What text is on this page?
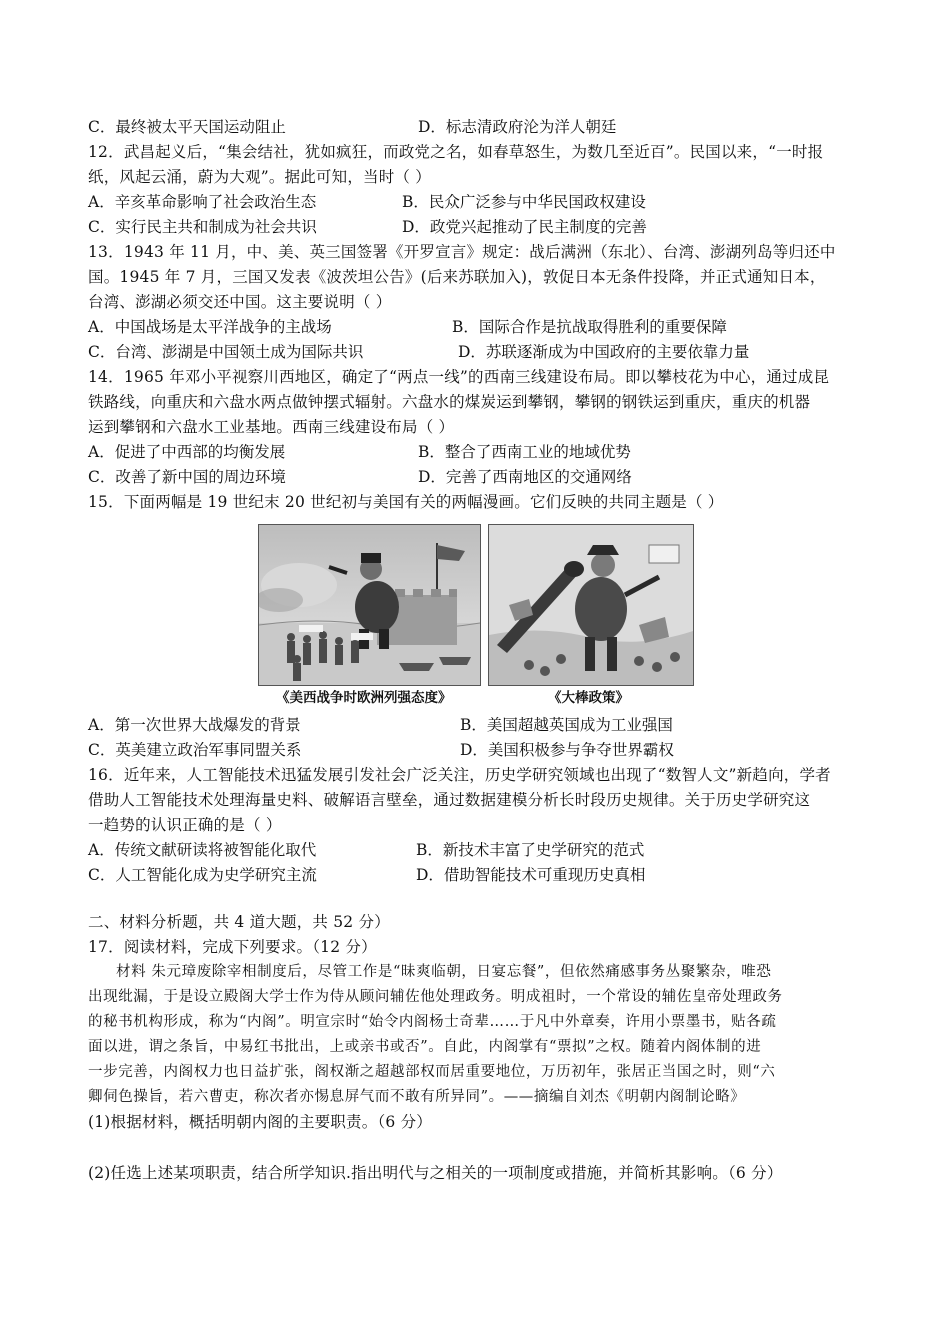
C．最终被太平天国运动阻止	D．标志清政府沦为洋人朝廷
12．武昌起义后，“集会结社，犹如疯狂，而政党之名，如春草怒生，为数几至近百”。民国以来，“一时报
纸，风起云涌，蔚为大观”。据此可知，当时（ ）
A．辛亥革命影响了社会政治生态	B．民众广泛参与中华民国政权建设
C．实行民主共和制成为社会共识	D．政党兴起推动了民主制度的完善
13．1943 年 11 月，中、美、英三国签署《开罗宣言》规定：战后满洲（东北）、台湾、澎湖列岛等归还中
国。1945 年 7 月，三国又发表《波茨坦公告》(后来苏联加入)，敦促日本无条件投降，并正式通知日本，
台湾、澎湖必须交还中国。这主要说明（ ）
A．中国战场是太平洋战争的主战场	B．国际合作是抗战取得胜利的重要保障
C．台湾、澎湖是中国领土成为国际共识	D．苏联逐渐成为中国政府的主要依靠力量
14．1965 年邓小平视察川西地区，确定了“两点一线”的西南三线建设布局。即以攀枝花为中心，通过成昆
铁路线，向重庆和六盘水两点做钟摆式辐射。六盘水的煤炭运到攀钢，攀钢的钢铁运到重庆，重庆的机器
运到攀钢和六盘水工业基地。西南三线建设布局（ ）
A．促进了中西部的均衡发展	B．整合了西南工业的地域优势
C．改善了新中国的周边环境	D．完善了西南地区的交通网络
15．下面两幅是 19 世纪末 20 世纪初与美国有关的两幅漫画。它们反映的共同主题是（ ）
《美西战争时欧洲列强态度》	《大棒政策》
A．第一次世界大战爆发的背景	B．美国超越英国成为工业强国
C．英美建立政治军事同盟关系	D．美国积极参与争夺世界霸权
16．近年来，人工智能技术迅猛发展引发社会广泛关注，历史学研究领域也出现了“数智人文”新趋向，学者
借助人工智能技术处理海量史料、破解语言壁垒，通过数据建模分析长时段历史规律。关于历史学研究这
一趋势的认识正确的是（ ）
A．传统文献研读将被智能化取代	B．新技术丰富了史学研究的范式
C．人工智能化成为史学研究主流	D．借助智能技术可重现历史真相
二、材料分析题，共 4 道大题，共 52 分）
17．阅读材料，完成下列要求。（12 分）
材料 朱元璋废除宰相制度后，尽管工作是“昧爽临朝，日宴忘餐”，但依然痛感事务丛聚繁杂，唯恐
出现纰漏，于是设立殿阁大学士作为侍从顾问辅佐他处理政务。明成祖时，一个常设的辅佐皇帝处理政务
的秘书机构形成，称为“内阁”。明宣宗时“始令内阁杨士奇辈……于凡中外章奏，许用小票墨书，贴各疏
面以进，谓之条旨，中易红书批出，上或亲书或否”。自此，内阁掌有“票拟”之权。随着内阁体制的进
一步完善，内阁权力也日益扩张，阁权渐之超越部权而居重要地位，万历初年，张居正当国之时，则“六
卿伺色操旨，若六曹吏，称次者亦惕息屏气而不敢有所异同”。——摘编自刘杰《明朝内阁制论略》
(1)根据材料，概括明朝内阁的主要职责。（6 分）
(2)任选上述某项职责，结合所学知识.指出明代与之相关的一项制度或措施，并简析其影响。（6 分）
